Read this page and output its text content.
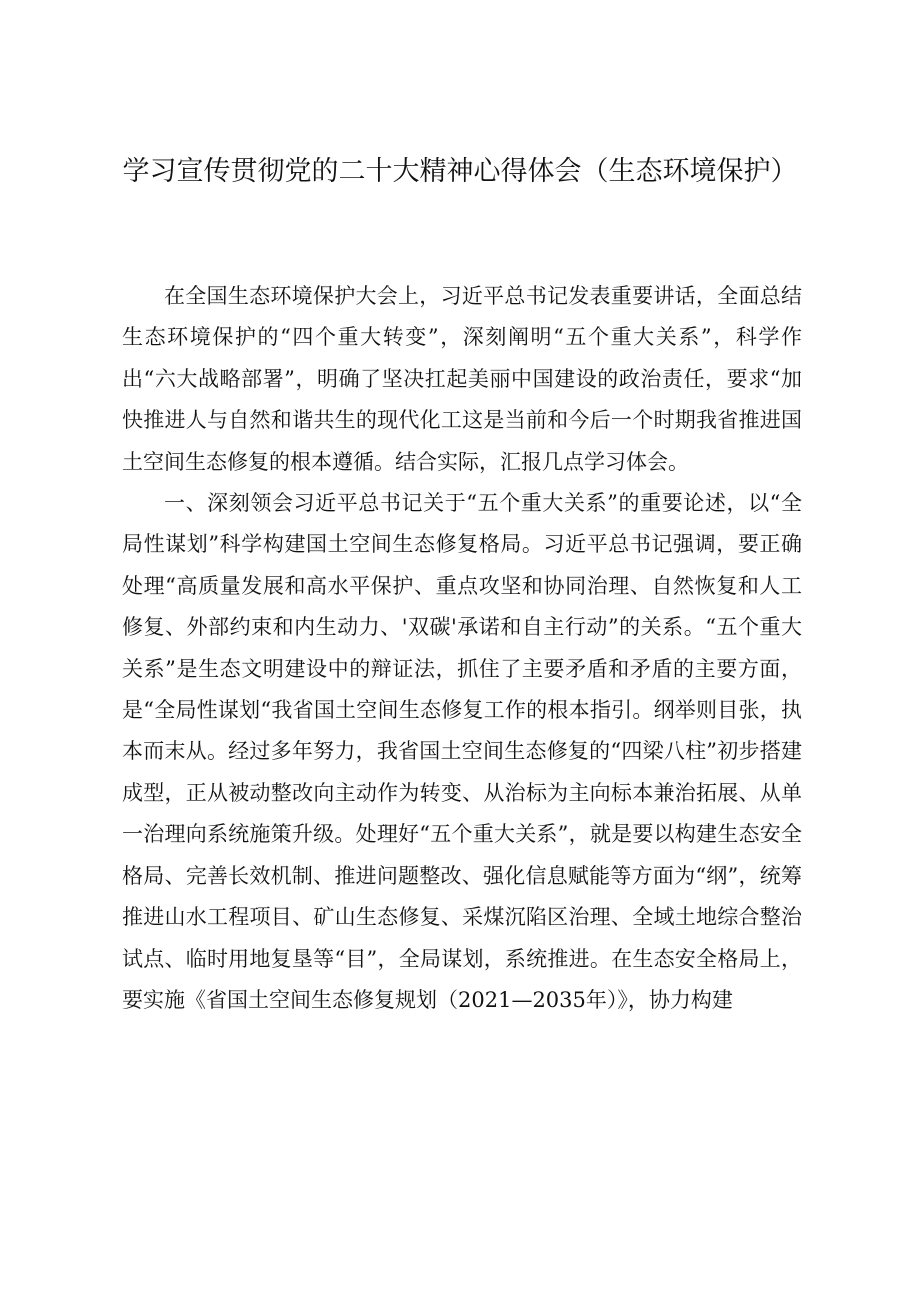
学习宣传贯彻党的二十大精神心得体会（生态环境保护）

在全国生态环境保护大会上，习近平总书记发表重要讲话，全面总结生态环境保护的“四个重大转变”，深刻阐明“五个重大关系”，科学作出“六大战略部署”，明确了坚决扛起美丽中国建设的政治责任，要求“加快推进人与自然和谐共生的现代化工这是当前和今后一个时期我省推进国土空间生态修复的根本遵循。结合实际，汇报几点学习体会。

一、深刻领会习近平总书记关于“五个重大关系”的重要论述，以“全局性谋划”科学构建国土空间生态修复格局。习近平总书记强调，要正确处理“高质量发展和高水平保护、重点攻坚和协同治理、自然恢复和人工修复、外部约束和内生动力、'双碳'承诺和自主行动”的关系。“五个重大关系”是生态文明建设中的辩证法，抓住了主要矛盾和矛盾的主要方面，是“全局性谋划“我省国土空间生态修复工作的根本指引。纲举则目张，执本而末从。经过多年努力，我省国土空间生态修复的“四梁八柱”初步搭建成型，正从被动整改向主动作为转变、从治标为主向标本兼治拓展、从单一治理向系统施策升级。处理好“五个重大关系”，就是要以构建生态安全格局、完善长效机制、推进问题整改、强化信息赋能等方面为“纲”，统筹推进山水工程项目、矿山生态修复、采煤沉陷区治理、全域土地综合整治试点、临时用地复垦等“目”，全局谋划，系统推进。在生态安全格局上，要实施《省国土空间生态修复规划（2021—2035年）》，协力构建
